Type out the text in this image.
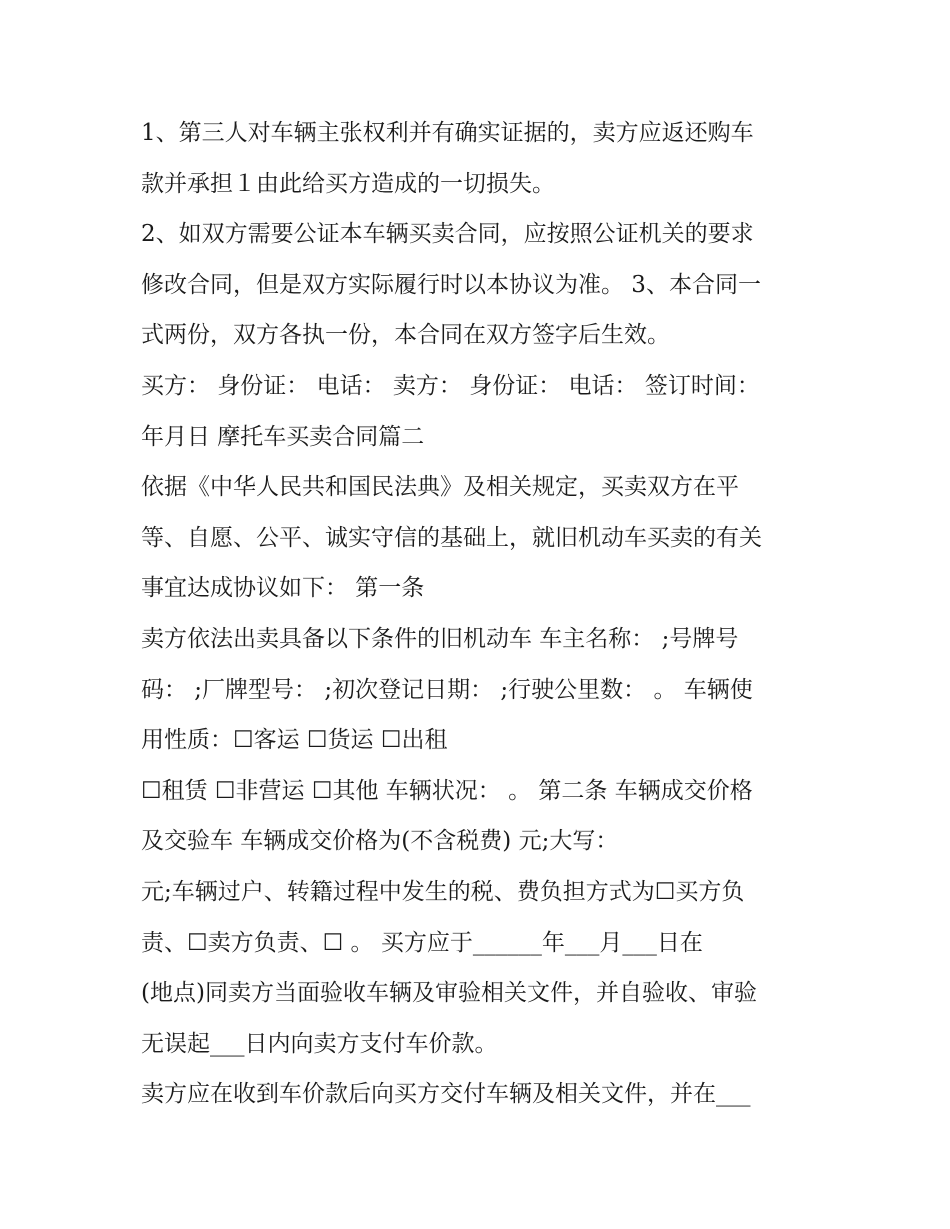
1、第三人对车辆主张权利并有确实证据的，卖方应返还购车
款并承担１由此给买方造成的一切损失。
2、如双方需要公证本车辆买卖合同，应按照公证机关的要求
修改合同，但是双方实际履行时以本协议为准。 3、本合同一
式两份，双方各执一份，本合同在双方签字后生效。
买方： 身份证： 电话： 卖方： 身份证： 电话： 签订时间：
年月日 摩托车买卖合同篇二
依据《中华人民共和国民法典》及相关规定，买卖双方在平
等、自愿、公平、诚实守信的基础上，就旧机动车买卖的有关
事宜达成协议如下： 第一条
卖方依法出卖具备以下条件的旧机动车 车主名称： ;号牌号
码： ;厂牌型号： ;初次登记日期： ;行驶公里数： 。 车辆使
用性质：☐客运 ☐货运 ☐出租
☐租赁 ☐非营运 ☐其他 车辆状况： 。 第二条 车辆成交价格
及交验车 车辆成交价格为(不含税费) 元;大写：
元;车辆过户、转籍过程中发生的税、费负担方式为☐买方负
责、☐卖方负责、☐ 。 买方应于______年___月___日在
(地点)同卖方当面验收车辆及审验相关文件，并自验收、审验
无误起___日内向卖方支付车价款。
卖方应在收到车价款后向买方交付车辆及相关文件，并在___
